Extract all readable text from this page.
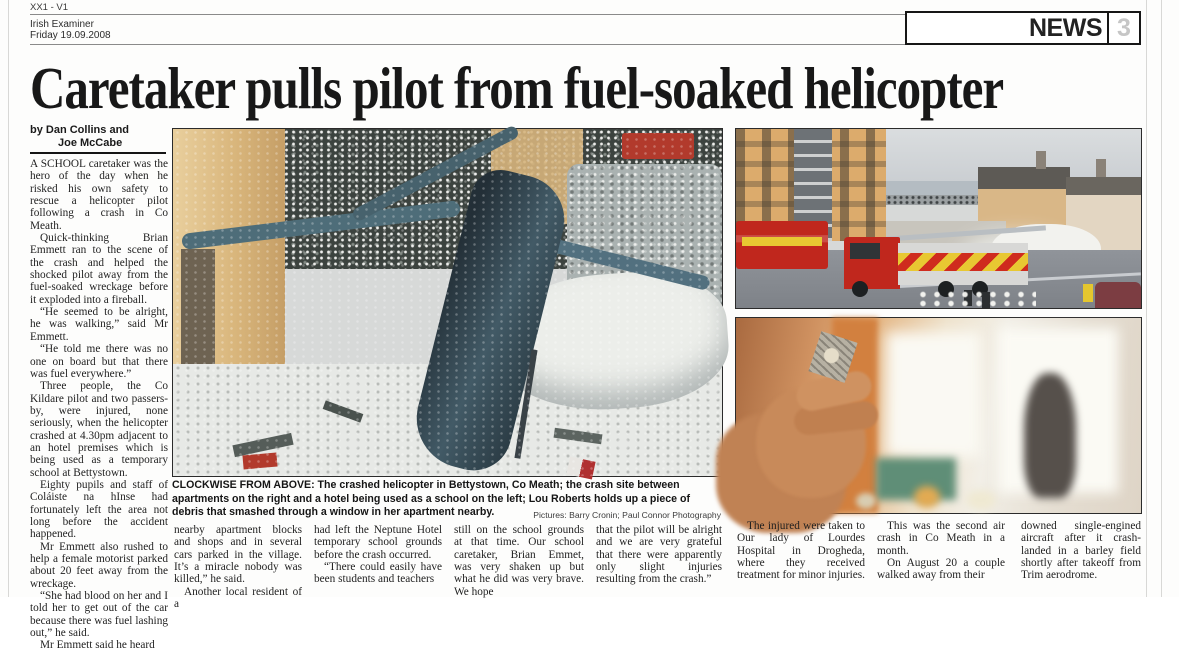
XX1 - V1
Irish Examiner
Friday 19.09.2008	NEWS 3
Caretaker pulls pilot from fuel-soaked helicopter
by Dan Collins and
Joe McCabe

A SCHOOL caretaker was the hero of the day when he risked his own safety to rescue a helicopter pilot following a crash in Co Meath.

Quick-thinking Brian Emmett ran to the scene of the crash and helped the shocked pilot away from the fuel-soaked wreckage before it exploded into a fireball.

“He seemed to be alright, he was walking,” said Mr Emmett.

“He told me there was no one on board but that there was fuel everywhere.”

Three people, the Co Kildare pilot and two passers-by, were injured, none seriously, when the helicopter crashed at 4.30pm adjacent to an hotel premises which is being used as a temporary school at Bettystown.

Eighty pupils and staff of Coláiste na hInse had fortunately left the area not long before the accident happened.

Mr Emmett also rushed to help a female motorist parked about 20 feet away from the wreckage.

“She had blood on her and I told her to get out of the car because there was fuel lashing out,” he said.

Mr Emmett said he heard

CLOCKWISE FROM ABOVE: The crashed helicopter in Bettystown, Co Meath; the crash site between apartments on the right and a hotel being used as a school on the left; Lou Roberts holds up a piece of debris that smashed through a window in her apartment nearby.	Pictures: Barry Cronin; Paul Connor Photography

nearby apartment blocks and shops and in several cars parked in the village. It’s a miracle nobody was killed,” he said.

Another local resident of a

had left the Neptune Hotel temporary school grounds before the crash occurred.

“There could easily have been students and teachers

still on the school grounds at that time. Our school caretaker, Brian Emmet, was very shaken up but what he did was very brave. We hope

that the pilot will be alright and we are very grateful that there were apparently only slight injuries resulting from the crash.”

The injured were taken to Our lady of Lourdes Hospital in Drogheda, where they received treatment for minor injuries.

This was the second air crash in Co Meath in a month.

On August 20 a couple walked away from their

downed single-engined aircraft after it crash-landed in a barley field shortly after takeoff from Trim aerodrome.
